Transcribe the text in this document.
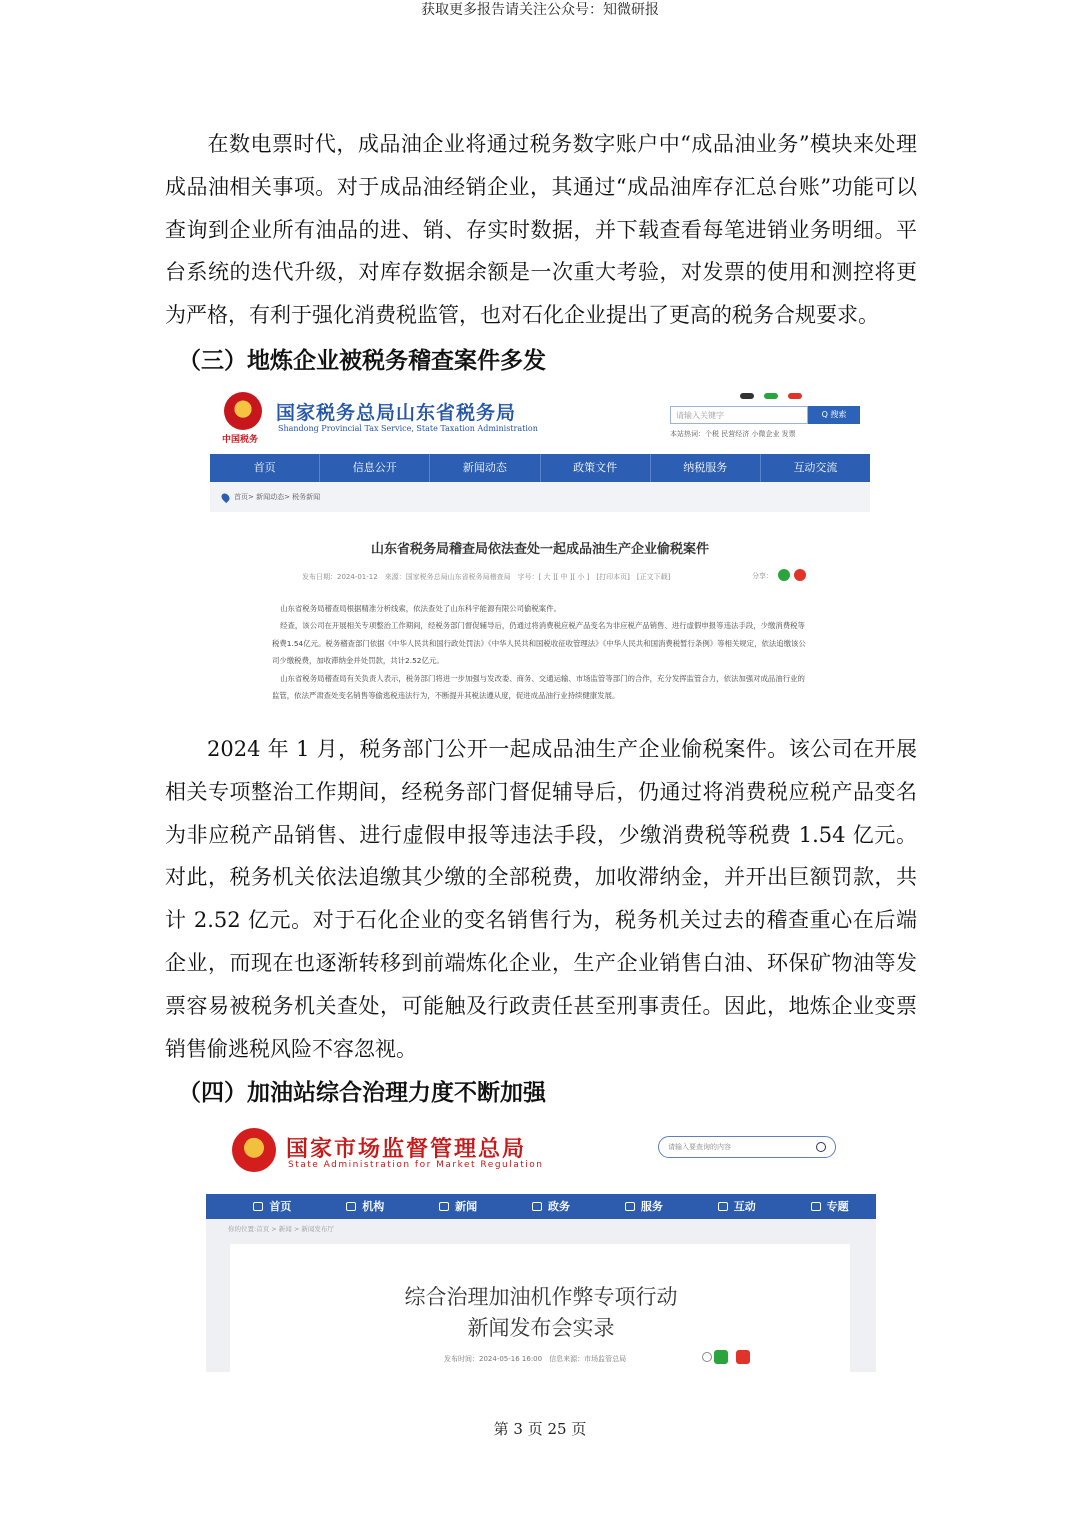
获取更多报告请关注公众号：知微研报
在数电票时代，成品油企业将通过税务数字账户中“成品油业务”模块来处理成品油相关事项。对于成品油经销企业，其通过“成品油库存汇总台账”功能可以查询到企业所有油品的进、销、存实时数据，并下载查看每笔进销业务明细。平台系统的迭代升级，对库存数据余额是一次重大考验，对发票的使用和测控将更为严格，有利于强化消费税监管，也对石化企业提出了更高的税务合规要求。
（三）地炼企业被税务稽查案件多发
中国税务
国家税务总局山东省税务局
Shandong Provincial Tax Service, State Taxation Administration
请输入关键字	Q 搜索
本站热词：个税 民营经济 小微企业 发票
首页	信息公开	新闻动态	政策文件	纳税服务	互动交流
首页> 新闻动态> 税务新闻
山东省税务局稽查局依法查处一起成品油生产企业偷税案件
发布日期：2024-01-12　来源：国家税务总局山东省税务局稽查局　字号：[ 大 ][ 中 ][ 小 ]　[打印本页]　[正文下载]	分享：

山东省税务局稽查局根据精准分析线索，依法查处了山东科宇能源有限公司偷税案件。

经查，该公司在开展相关专项整治工作期间，经税务部门督促辅导后，仍通过将消费税应税产品变名为非应税产品销售、进行虚假申报等违法手段，少缴消费税等税费1.54亿元。税务稽查部门依据《中华人民共和国行政处罚法》《中华人民共和国税收征收管理法》《中华人民共和国消费税暂行条例》等相关规定，依法追缴该公司少缴税费，加收滞纳金并处罚款，共计2.52亿元。

山东省税务局稽查局有关负责人表示，税务部门将进一步加强与发改委、商务、交通运输、市场监管等部门的合作，充分发挥监管合力，依法加强对成品油行业的监管，依法严肃查处变名销售等偷逃税违法行为，不断提升其税法遵从度，促进成品油行业持续健康发展。

2024 年 1 月，税务部门公开一起成品油生产企业偷税案件。该公司在开展相关专项整治工作期间，经税务部门督促辅导后，仍通过将消费税应税产品变名为非应税产品销售、进行虚假申报等违法手段，少缴消费税等税费 1.54 亿元。对此，税务机关依法追缴其少缴的全部税费，加收滞纳金，并开出巨额罚款，共计 2.52 亿元。对于石化企业的变名销售行为，税务机关过去的稽查重心在后端企业，而现在也逐渐转移到前端炼化企业，生产企业销售白油、环保矿物油等发票容易被税务机关查处，可能触及行政责任甚至刑事责任。因此，地炼企业变票销售偷逃税风险不容忽视。
（四）加油站综合治理力度不断加强
国家市场监督管理总局
State Administration for Market Regulation
请输入要查询的内容
首页	机构	新闻	政务	服务	互动	专题
你的位置:首页 > 新闻 > 新闻发布厅
综合治理加油机作弊专项行动
新闻发布会实录
发布时间：2024-05-16 16:00　信息来源：市场监管总局
第 3 页 25 页
